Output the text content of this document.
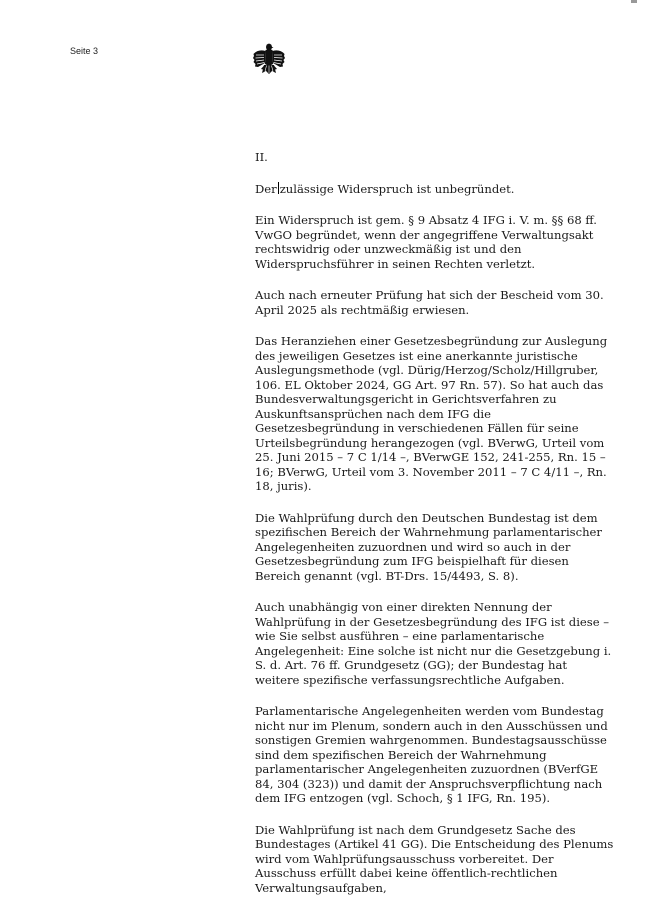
Seite 3

II.

Der zulässige Widerspruch ist unbegründet.

Ein Widerspruch ist gem. § 9 Absatz 4 IFG i. V. m. §§ 68 ff. VwGO begründet, wenn der angegriffene Verwaltungsakt rechtswidrig oder unzweckmäßig ist und den Widerspruchsführer in seinen Rechten verletzt.

Auch nach erneuter Prüfung hat sich der Bescheid vom 30. April 2025 als rechtmäßig erwiesen.

Das Heranziehen einer Gesetzesbegründung zur Auslegung des jeweiligen Gesetzes ist eine anerkannte juristische Auslegungsmethode (vgl. Dürig/Herzog/Scholz/Hillgruber, 106. EL Oktober 2024, GG Art. 97 Rn. 57). So hat auch das Bundesverwaltungsgericht in Gerichtsverfahren zu Auskunftsansprüchen nach dem IFG die Gesetzesbegründung in verschiedenen Fällen für seine Urteilsbegründung herangezogen (vgl. BVerwG, Urteil vom 25. Juni 2015 – 7 C 1/14 –, BVerwGE 152, 241-255, Rn. 15 – 16; BVerwG, Urteil vom 3. November 2011 – 7 C 4/11 –, Rn. 18, juris).

Die Wahlprüfung durch den Deutschen Bundestag ist dem spezifischen Bereich der Wahrnehmung parlamentarischer Angelegenheiten zuzuordnen und wird so auch in der Gesetzesbegründung zum IFG beispielhaft für diesen Bereich genannt (vgl. BT-Drs. 15/4493, S. 8).

Auch unabhängig von einer direkten Nennung der Wahlprüfung in der Gesetzesbegründung des IFG ist diese – wie Sie selbst ausführen – eine parlamentarische Angelegenheit: Eine solche ist nicht nur die Gesetzgebung i. S. d. Art. 76 ff. Grundgesetz (GG); der Bundestag hat weitere spezifische verfassungsrechtliche Aufgaben.

Parlamentarische Angelegenheiten werden vom Bundestag nicht nur im Plenum, sondern auch in den Ausschüssen und sonstigen Gremien wahrgenommen. Bundestagsausschüsse sind dem spezifischen Bereich der Wahrnehmung parlamentarischer Angelegenheiten zuzuordnen (BVerfGE 84, 304 (323)) und damit der Anspruchsverpflichtung nach dem IFG entzogen (vgl. Schoch, § 1 IFG, Rn. 195).

Die Wahlprüfung ist nach dem Grundgesetz Sache des Bundestages (Artikel 41 GG). Die Entscheidung des Plenums wird vom Wahlprüfungsausschuss vorbereitet. Der Ausschuss erfüllt dabei keine öffentlich-rechtlichen Verwaltungsaufgaben,
